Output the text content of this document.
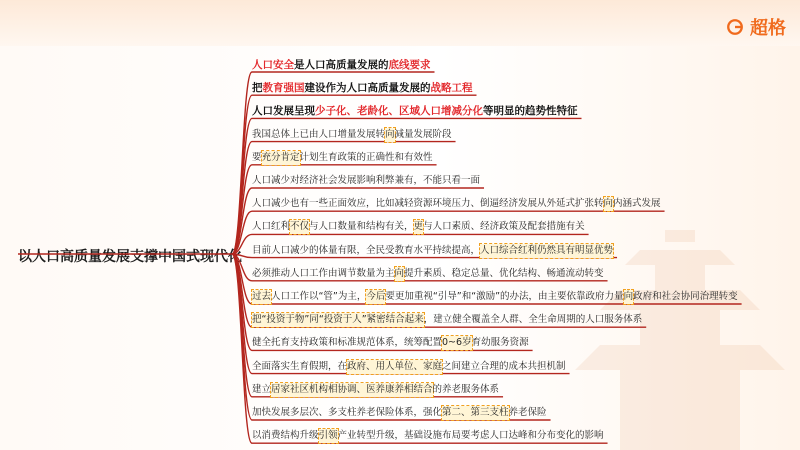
超格
以人口高质量发展支撑中国式现代化
人口安全 是人口高质量发展的 底线要求
把 教育强国 建设作为人口高质量发展的 战略工程
人口发展呈现 少子化、老龄化、区域人口增减分化 等明显的趋势性特征
我国总体上已由人口增量发展转 向 减量发展阶段
要 充分肯定 计划生育政策的正确性和有效性
人口减少对经济社会发展影响利弊兼有，不能只看一面
人口减少也有一些正面效应，比如减轻资源环境压力、倒逼经济发展从外延式扩张转 向 内涵式发展
人口红利 不仅 与人口数量和结构有关， 更 与人口素质、经济政策及配套措施有关
目前人口减少的体量有限，全民受教育水平持续提高， 人口综合红利仍然具有明显优势
必须推动人口工作由调节数量为主 向 提升素质、稳定总量、优化结构、畅通流动转变
过去 人口工作以“管”为主， 今后 要更加重视“引导”和“激励”的办法，由主要依靠政府力量 向 政府和社会协同治理转变
把“投资于物”同“投资于人”紧密结合起来 ，建立健全覆盖全人群、全生命周期的人口服务体系
健全托育支持政策和标准规范体系，统筹配置 0~6岁 育幼服务资源
全面落实生育假期，在 政府、用人单位、家庭 之间建立合理的成本共担机制
建立 居家社区机构相协调、医养康养相结合 的养老服务体系
加快发展多层次、多支柱养老保险体系，强化 第二、第三支柱 养老保险
以消费结构升级 引领 产业转型升级，基础设施布局要考虑人口达峰和分布变化的影响
